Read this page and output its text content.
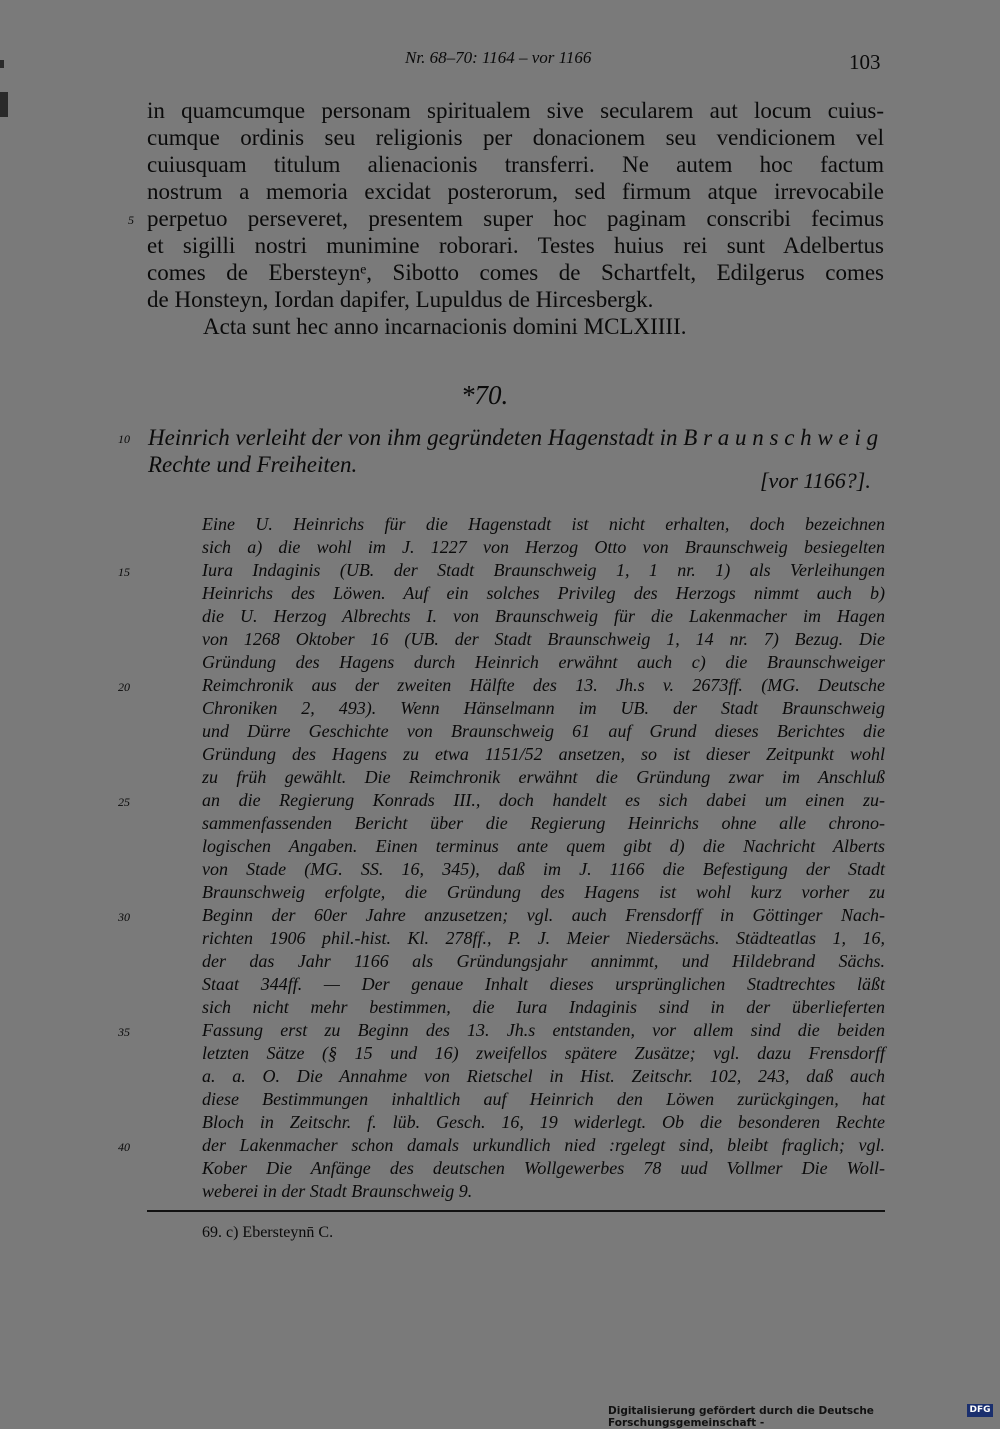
Nr. 68–70: 1164 – vor 1166	103
in quamcumque personam spiritualem sive secularem aut locum cuius-
cumque ordinis seu religionis per donacionem seu vendicionem vel
cuiusquam titulum alienacionis transferri. Ne autem hoc factum
nostrum a memoria excidat posterorum, sed firmum atque irrevocabile
perpetuo perseveret, presentem super hoc paginam conscribi fecimus
et sigilli nostri munimine roborari. Testes huius rei sunt Adelbertus
comes de Ebersteynᵉ, Sibotto comes de Schartfelt, Edilgerus comes
de Honsteyn, Iordan dapifer, Lupuldus de Hircesbergk.
Acta sunt hec anno incarnacionis domini MCLXIIII.
*70.
Heinrich verleiht der von ihm gegründeten Hagenstadt in B r a u n s c h w e i g
Rechte und Freiheiten.
[vor 1166?].
Eine U. Heinrichs für die Hagenstadt ist nicht erhalten, doch bezeichnen
sich a) die wohl im J. 1227 von Herzog Otto von Braunschweig besiegelten
Iura Indaginis (UB. der Stadt Braunschweig 1, 1 nr. 1) als Verleihungen
Heinrichs des Löwen. Auf ein solches Privileg des Herzogs nimmt auch b)
die U. Herzog Albrechts I. von Braunschweig für die Lakenmacher im Hagen
von 1268 Oktober 16 (UB. der Stadt Braunschweig 1, 14 nr. 7) Bezug. Die
Gründung des Hagens durch Heinrich erwähnt auch c) die Braunschweiger
Reimchronik aus der zweiten Hälfte des 13. Jh.s v. 2673ff. (MG. Deutsche
Chroniken 2, 493). Wenn Hänselmann im UB. der Stadt Braunschweig
und Dürre Geschichte von Braunschweig 61 auf Grund dieses Berichtes die
Gründung des Hagens zu etwa 1151/52 ansetzen, so ist dieser Zeitpunkt wohl
zu früh gewählt. Die Reimchronik erwähnt die Gründung zwar im Anschluß
an die Regierung Konrads III., doch handelt es sich dabei um einen zu-
sammenfassenden Bericht über die Regierung Heinrichs ohne alle chrono-
logischen Angaben. Einen terminus ante quem gibt d) die Nachricht Alberts
von Stade (MG. SS. 16, 345), daß im J. 1166 die Befestigung der Stadt
Braunschweig erfolgte, die Gründung des Hagens ist wohl kurz vorher zu
Beginn der 60er Jahre anzusetzen; vgl. auch Frensdorff in Göttinger Nach-
richten 1906 phil.-hist. Kl. 278ff., P. J. Meier Niedersächs. Städteatlas 1, 16,
der das Jahr 1166 als Gründungsjahr annimmt, und Hildebrand Sächs.
Staat 344ff. — Der genaue Inhalt dieses ursprünglichen Stadtrechtes läßt
sich nicht mehr bestimmen, die Iura Indaginis sind in der überlieferten
Fassung erst zu Beginn des 13. Jh.s entstanden, vor allem sind die beiden
letzten Sätze (§ 15 und 16) zweifellos spätere Zusätze; vgl. dazu Frensdorff
a. a. O. Die Annahme von Rietschel in Hist. Zeitschr. 102, 243, daß auch
diese Bestimmungen inhaltlich auf Heinrich den Löwen zurückgingen, hat
Bloch in Zeitschr. f. lüb. Gesch. 16, 19 widerlegt. Ob die besonderen Rechte
der Lakenmacher schon damals urkundlich nied :rgelegt sind, bleibt fraglich; vgl.
Kober Die Anfänge des deutschen Wollgewerbes 78 uud Vollmer Die Woll-
weberei in der Stadt Braunschweig 9.
5
10
15
20
25
30
35
40
69. c) Ebersteynn̄ C.
Digitalisierung gefördert durch die Deutsche Forschungsgemeinschaft -
DFG
